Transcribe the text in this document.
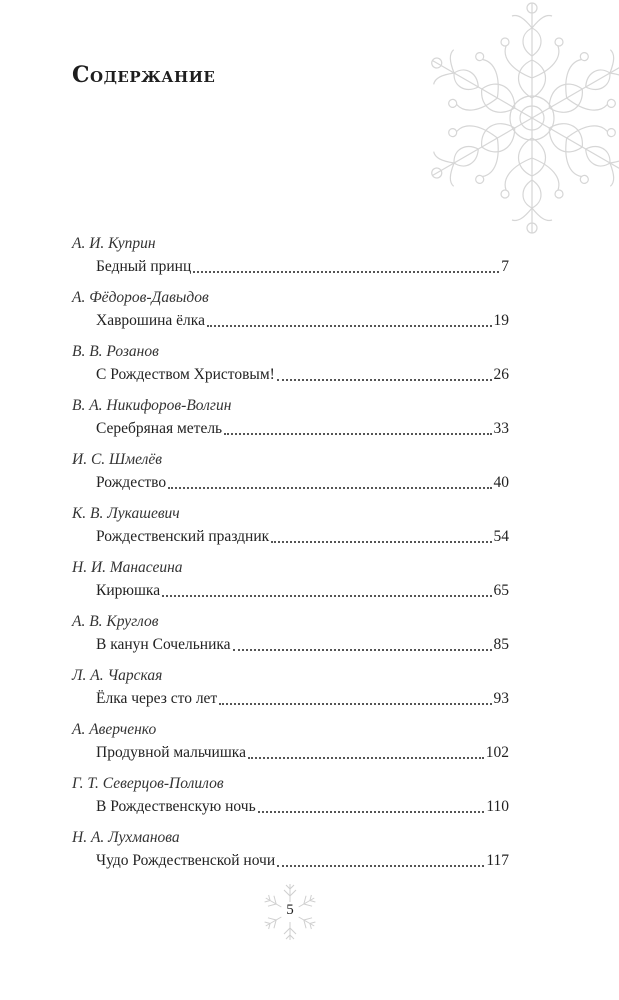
Содержание
А. И. Куприн
Бедный принц	7
А. Фёдоров-Давыдов
Хаврошина ёлка	19
В. В. Розанов
С Рождеством Христовым!	26
В. А. Никифоров-Волгин
Серебряная метель	33
И. С. Шмелёв
Рождество	40
К. В. Лукашевич
Рождественский праздник	54
Н. И. Манасеина
Кирюшка	65
А. В. Круглов
В канун Сочельника	85
Л. А. Чарская
Ёлка через сто лет	93
А. Аверченко
Продувной мальчишка	102
Г. Т. Северцов-Полилов
В Рождественскую ночь	110
Н. А. Лухманова
Чудо Рождественской ночи	117
5
